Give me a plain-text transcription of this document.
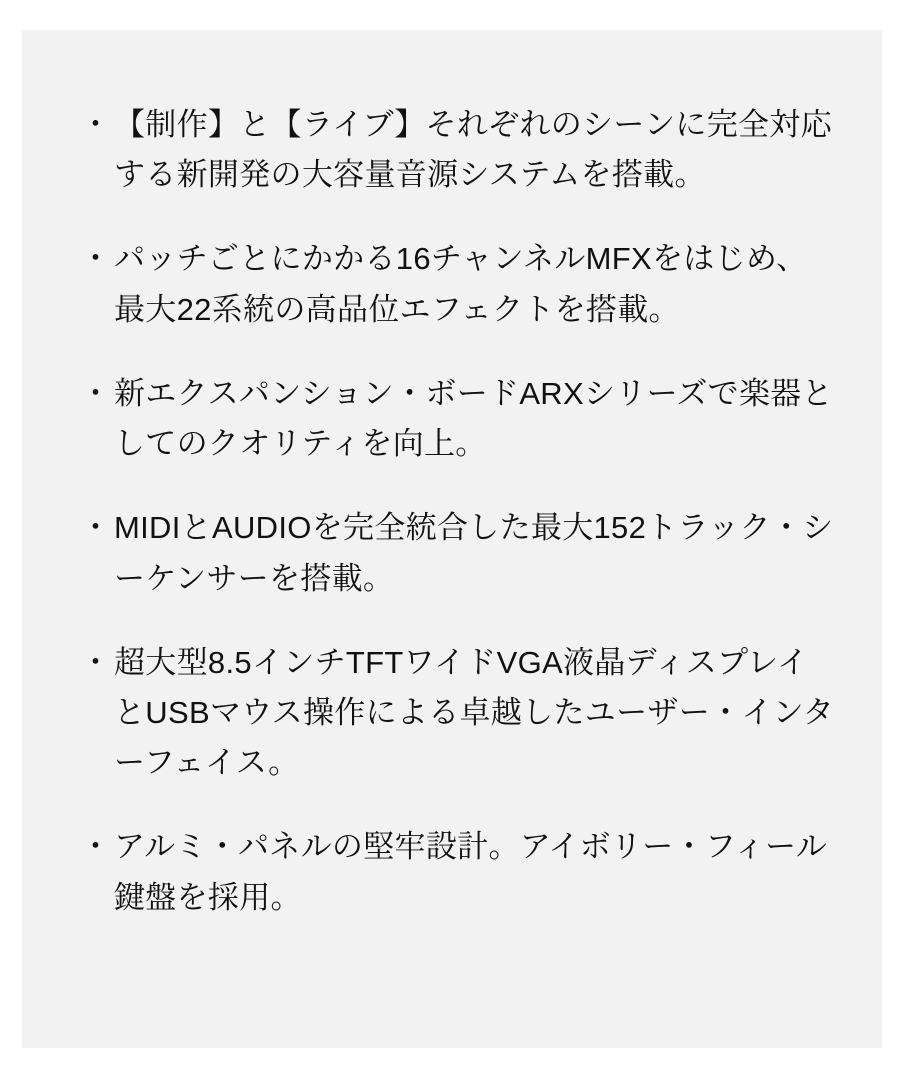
・ 【制作】と【ライブ】それぞれのシーンに完全対応する新開発の大容量音源システムを搭載。
・ パッチごとにかかる16チャンネルMFXをはじめ、最大22系統の高品位エフェクトを搭載。
・ 新エクスパンション・ボードARXシリーズで楽器としてのクオリティを向上。
・ MIDIとAUDIOを完全統合した最大152トラック・シーケンサーを搭載。
・ 超大型8.5インチTFTワイドVGA液晶ディスプレイとUSBマウス操作による卓越したユーザー・インターフェイス。
・ アルミ・パネルの堅牢設計。アイボリー・フィール鍵盤を採用。
